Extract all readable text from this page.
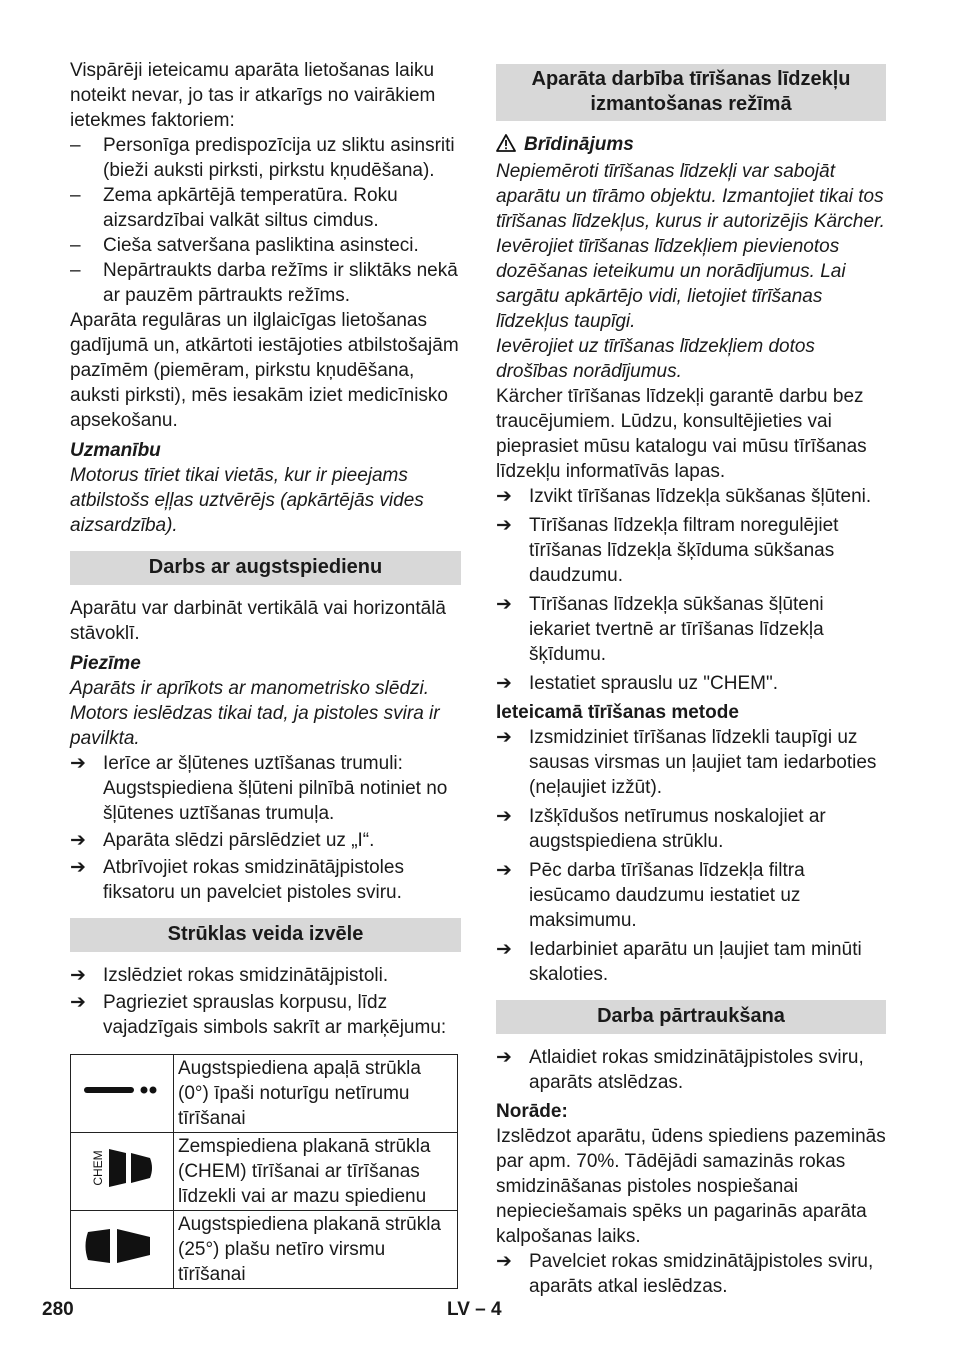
Vispārēji ieteicamu aparāta lietošanas laiku noteikt nevar, jo tas ir atkarīgs no vairākiem ietekmes faktoriem:

– Personīga predispozīcija uz sliktu asinsriti (bieži auksti pirksti, pirkstu kņudēšana).
– Zema apkārtējā temperatūra. Roku aizsardzībai valkāt siltus cimdus.
– Cieša satveršana pasliktina asinsteci.
– Nepārtraukts darba režīms ir sliktāks nekā ar pauzēm pārtraukts režīms.

Aparāta regulāras un ilglaicīgas lietošanas gadījumā un, atkārtoti iestājoties atbilstošajām pazīmēm (piemēram, pirkstu kņudēšana, auksti pirksti), mēs iesakām iziet medicīnisko apsekošanu.

Uzmanību

Motorus tīriet tikai vietās, kur ir pieejams atbilstošs eļļas uztvērējs (apkārtējās vides aizsardzība).

Darbs ar augstspiedienu

Aparātu var darbināt vertikālā vai horizontālā stāvoklī.

Piezīme

Aparāts ir aprīkots ar manometrisko slēdzi. Motors ieslēdzas tikai tad, ja pistoles svira ir pavilkta.

➔ Ierīce ar šļūtenes uztīšanas trumuli: Augstspiediena šļūteni pilnībā notiniet no šļūtenes uztīšanas trumuļa.
➔ Aparāta slēdzi pārslēdziet uz „I“.
➔ Atbrīvojiet rokas smidzinātājpistoles fiksatoru un pavelciet pistoles sviru.
Strūklas veida izvēle
➔ Izslēdziet rokas smidzinātājpistoli.
➔ Pagrieziet sprauslas korpusu, līdz vajadzīgais simbols sakrīt ar marķējumu:
	Augstspiediena apaļā strūkla (0°) īpaši noturīgu netīrumu tīrīšanai

CHEM	Zemspiediena plakanā strūkla (CHEM) tīrīšanai ar tīrīšanas līdzekli vai ar mazu spiedienu
	Augstspiediena plakanā strūkla (25°) plašu netīro virsmu tīrīšanai
Aparāta darbība tīrīšanas līdzekļu izmantošanas režīmā

Brīdinājums

Nepiemēroti tīrīšanas līdzekļi var sabojāt aparātu un tīrāmo objektu. Izmantojiet tikai tos tīrīšanas līdzekļus, kurus ir autorizējis Kärcher. Ievērojiet tīrīšanas līdzekļiem pievienotos dozēšanas ieteikumu un norādījumus. Lai sargātu apkārtējo vidi, lietojiet tīrīšanas līdzekļus taupīgi.

Ievērojiet uz tīrīšanas līdzekļiem dotos drošības norādījumus.

Kärcher tīrīšanas līdzekļi garantē darbu bez traucējumiem. Lūdzu, konsultējieties vai pieprasiet mūsu katalogu vai mūsu tīrīšanas līdzekļu informatīvās lapas.

➔ Izvikt tīrīšanas līdzekļa sūkšanas šļūteni.
➔ Tīrīšanas līdzekļa filtram noregulējiet tīrīšanas līdzekļa šķīduma sūkšanas daudzumu.
➔ Tīrīšanas līdzekļa sūkšanas šļūteni iekariet tvertnē ar tīrīšanas līdzekļa šķīdumu.
➔ Iestatiet sprauslu uz "CHEM".

Ieteicamā tīrīšanas metode

➔ Izsmidziniet tīrīšanas līdzekli taupīgi uz sausas virsmas un ļaujiet tam iedarboties (neļaujiet izžūt).
➔ Izšķīdušos netīrumus noskalojiet ar augstspiediena strūklu.
➔ Pēc darba tīrīšanas līdzekļa filtra iesūcamo daudzumu iestatiet uz maksimumu.
➔ Iedarbiniet aparātu un ļaujiet tam minūti skaloties.
Darba pārtraukšana
➔ Atlaidiet rokas smidzinātājpistoles sviru, aparāts atslēdzas.

Norāde:

Izslēdzot aparātu, ūdens spiediens pazeminās par apm. 70%. Tādējādi samazinās rokas smidzināšanas pistoles nospiešanai nepieciešamais spēks un pagarinās aparāta kalpošanas laiks.

➔ Pavelciet rokas smidzinātājpistoles sviru, aparāts atkal ieslēdzas.
280	LV – 4
